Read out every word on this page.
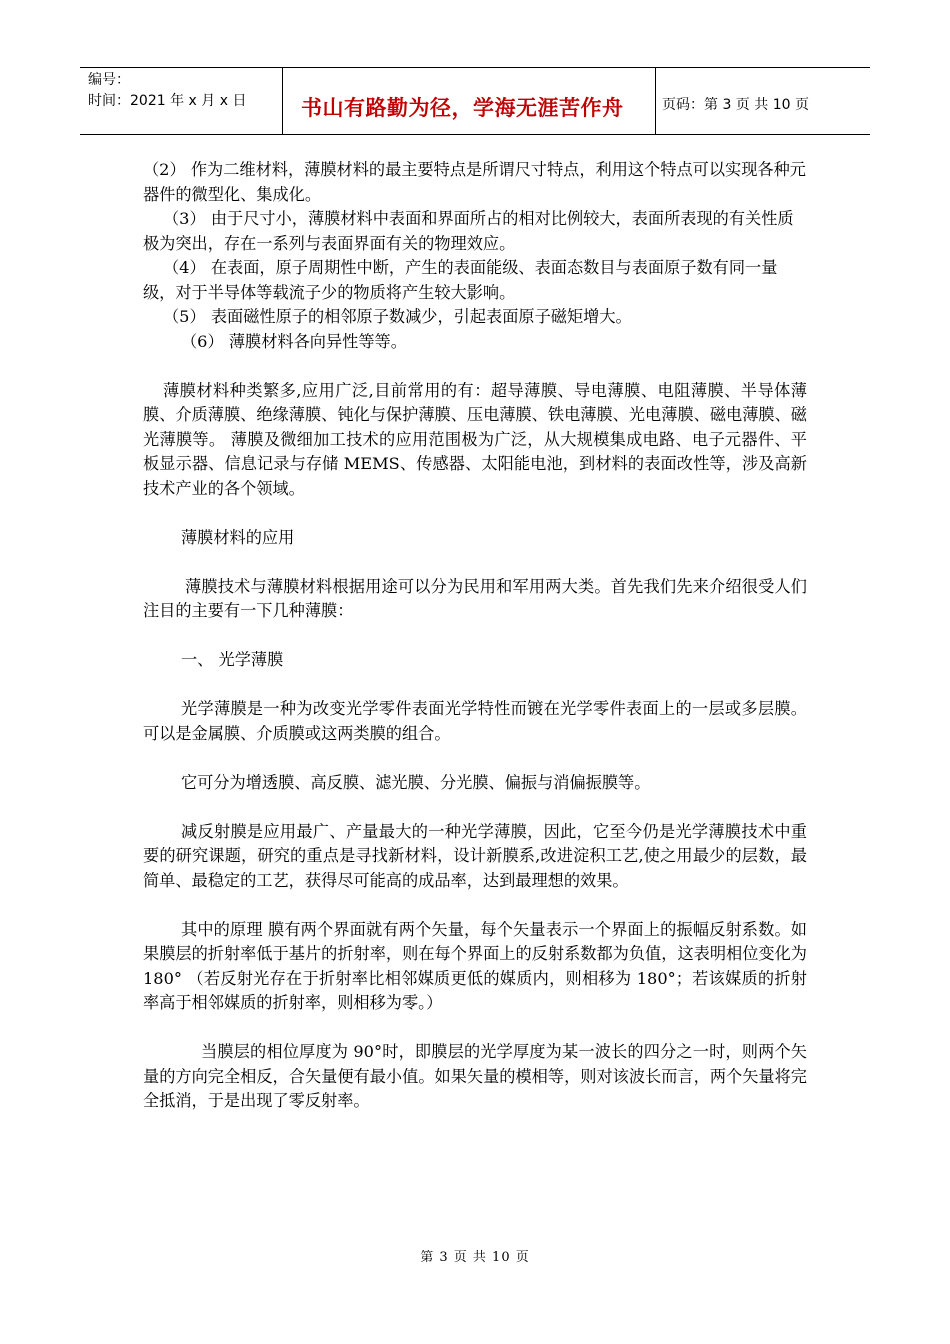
编号：
时间：2021 年 x 月 x 日	书山有路勤为径，学海无涯苦作舟	页码：第 3 页 共 10 页

（2） 作为二维材料，薄膜材料的最主要特点是所谓尺寸特点，利用这个特点可以实现各种元器件的微型化、集成化。

（3） 由于尺寸小，薄膜材料中表面和界面所占的相对比例较大，表面所表现的有关性质极为突出，存在一系列与表面界面有关的物理效应。

（4） 在表面，原子周期性中断，产生的表面能级、表面态数目与表面原子数有同一量级，对于半导体等载流子少的物质将产生较大影响。

（5） 表面磁性原子的相邻原子数减少，引起表面原子磁矩增大。

（6） 薄膜材料各向异性等等。

薄膜材料种类繁多,应用广泛,目前常用的有：超导薄膜、导电薄膜、电阻薄膜、半导体薄膜、介质薄膜、绝缘薄膜、钝化与保护薄膜、压电薄膜、铁电薄膜、光电薄膜、磁电薄膜、磁光薄膜等。 薄膜及微细加工技术的应用范围极为广泛，从大规模集成电路、电子元器件、平板显示器、信息记录与存储 MEMS、传感器、太阳能电池，到材料的表面改性等，涉及高新技术产业的各个领域。

薄膜材料的应用

薄膜技术与薄膜材料根据用途可以分为民用和军用两大类。首先我们先来介绍很受人们注目的主要有一下几种薄膜：

一、 光学薄膜

光学薄膜是一种为改变光学零件表面光学特性而镀在光学零件表面上的一层或多层膜。可以是金属膜、介质膜或这两类膜的组合。

它可分为增透膜、高反膜、滤光膜、分光膜、偏振与消偏振膜等。

减反射膜是应用最广、产量最大的一种光学薄膜，因此，它至今仍是光学薄膜技术中重要的研究课题，研究的重点是寻找新材料，设计新膜系,改进淀积工艺,使之用最少的层数，最简单、最稳定的工艺，获得尽可能高的成品率，达到最理想的效果。

其中的原理 膜有两个界面就有两个矢量，每个矢量表示一个界面上的振幅反射系数。如果膜层的折射率低于基片的折射率，则在每个界面上的反射系数都为负值，这表明相位变化为 180° （若反射光存在于折射率比相邻媒质更低的媒质内，则相移为 180°；若该媒质的折射率高于相邻媒质的折射率，则相移为零。）

当膜层的相位厚度为 90°时，即膜层的光学厚度为某一波长的四分之一时，则两个矢量的方向完全相反，合矢量便有最小值。如果矢量的模相等，则对该波长而言，两个矢量将完全抵消，于是出现了零反射率。

第 3 页 共 10 页
